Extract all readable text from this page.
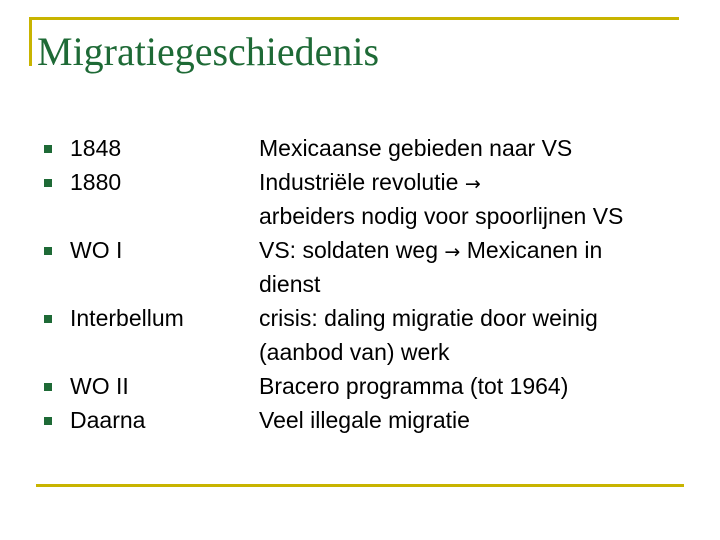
Migratiegeschiedenis
1848
1880
WO I
Interbellum
WO II
Daarna
Mexicaanse gebieden naar VS
Industriële revolutie →
arbeiders nodig voor spoorlijnen VS
VS: soldaten weg → Mexicanen in
dienst
crisis: daling migratie door weinig
(aanbod van) werk
Bracero programma (tot 1964)
Veel illegale migratie
